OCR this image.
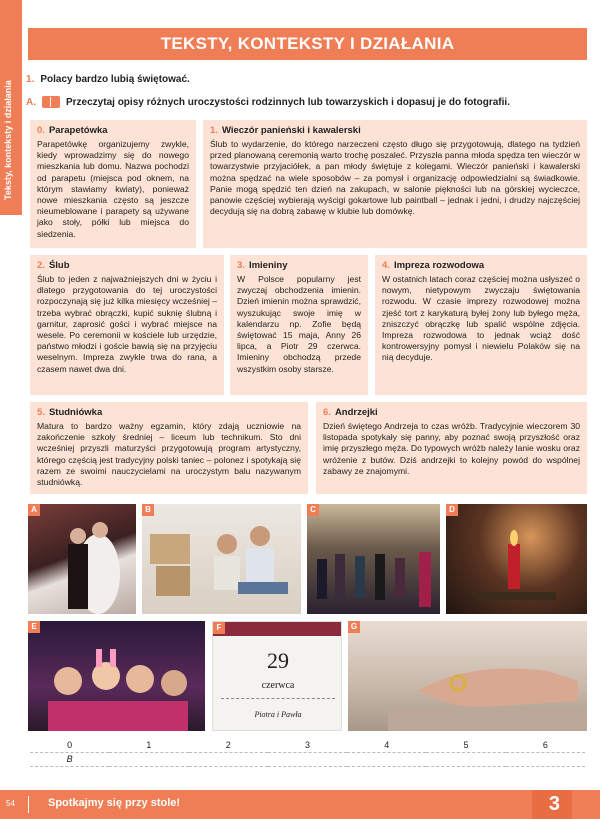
Teksty, konteksty i działania
TEKSTY, KONTEKSTY I DZIAŁANIA
1. Polacy bardzo lubią świętować.
A.	Przeczytaj opisy różnych uroczystości rodzinnych lub towarzyskich i dopasuj je do fotografii.
0. Parapetówka

Parapetówkę organizujemy zwykle, kiedy wprowadzimy się do nowego mieszkania lub domu. Nazwa pochodzi od parapetu (miejsca pod oknem, na którym stawiamy kwiaty), ponieważ nowe mieszkania często są jeszcze nieumeblowane i parapety są używane jako stoły, półki lub miejsca do siedzenia.

1. Wieczór panieński i kawalerski

Ślub to wydarzenie, do którego narzeczeni często długo się przygotowują, dlatego na tydzień przed planowaną ceremonią warto trochę poszaleć. Przyszła panna młoda spędza ten wieczór w towarzystwie przyjaciółek, a pan młody świętuje z kolegami. Wieczór panieński i kawalerski można spędzać na wiele sposobów – za pomysł i organizację odpowiedzialni są świadkowie. Panie mogą spędzić ten dzień na zakupach, w salonie piękności lub na górskiej wycieczce, panowie częściej wybierają wyścigi gokartowe lub paintball – jednak i jedni, i drudzy najczęściej decydują się na dobrą zabawę w klubie lub domówkę.

2. Ślub

Ślub to jeden z najważniejszych dni w życiu i dlatego przygotowania do tej uroczystości rozpoczynają się już kilka miesięcy wcześniej – trzeba wybrać obrączki, kupić suknię ślubną i garnitur, zaprosić gości i wybrać miejsce na wesele. Po ceremonii w kościele lub urzędzie, państwo młodzi i goście bawią się na przyjęciu weselnym. Impreza zwykle trwa do rana, a czasem nawet dwa dni.

3. Imieniny

W Polsce popularny jest zwyczaj obchodzenia imienin. Dzień imienin można sprawdzić, wyszukując swoje imię w kalendarzu np. Zofie będą świętować 15 maja, Anny 26 lipca, a Piotr 29 czerwca. Imieniny obchodzą przede wszystkim osoby starsze.

4. Impreza rozwodowa

W ostatnich latach coraz częściej można usłyszeć o nowym, nietypowym zwyczaju świętowania rozwodu. W czasie imprezy rozwodowej można zjeść tort z karykaturą byłej żony lub byłego męża, zniszczyć obrączkę lub spalić wspólne zdjęcia. Impreza rozwodowa to jednak wciąż dość kontrowersyjny pomysł i niewielu Polaków się na nią decyduje.

5. Studniówka

Matura to bardzo ważny egzamin, który zdają uczniowie na zakończenie szkoły średniej – liceum lub technikum. Sto dni wcześniej przyszli maturzyści przygotowują program artystyczny, którego częścią jest tradycyjny polski taniec – polonez i spotykają się razem ze swoimi nauczycielami na uroczystym balu nazywanym studniówką.

6. Andrzejki

Dzień świętego Andrzeja to czas wróżb. Tradycyjnie wieczorem 30 listopada spotykały się panny, aby poznać swoją przyszłość oraz imię przyszłego męża. Do typowych wróżb należy lanie wosku oraz wróżenie z butów. Dziś andrzejki to kolejny powód do wspólnej zabawy ze znajomymi.

A	B	C	D
E	F
29
czerwca
Piotra i Pawła
G
0	1	2	3	4	5	6
B						
54	Spotkajmy się przy stole!	3
